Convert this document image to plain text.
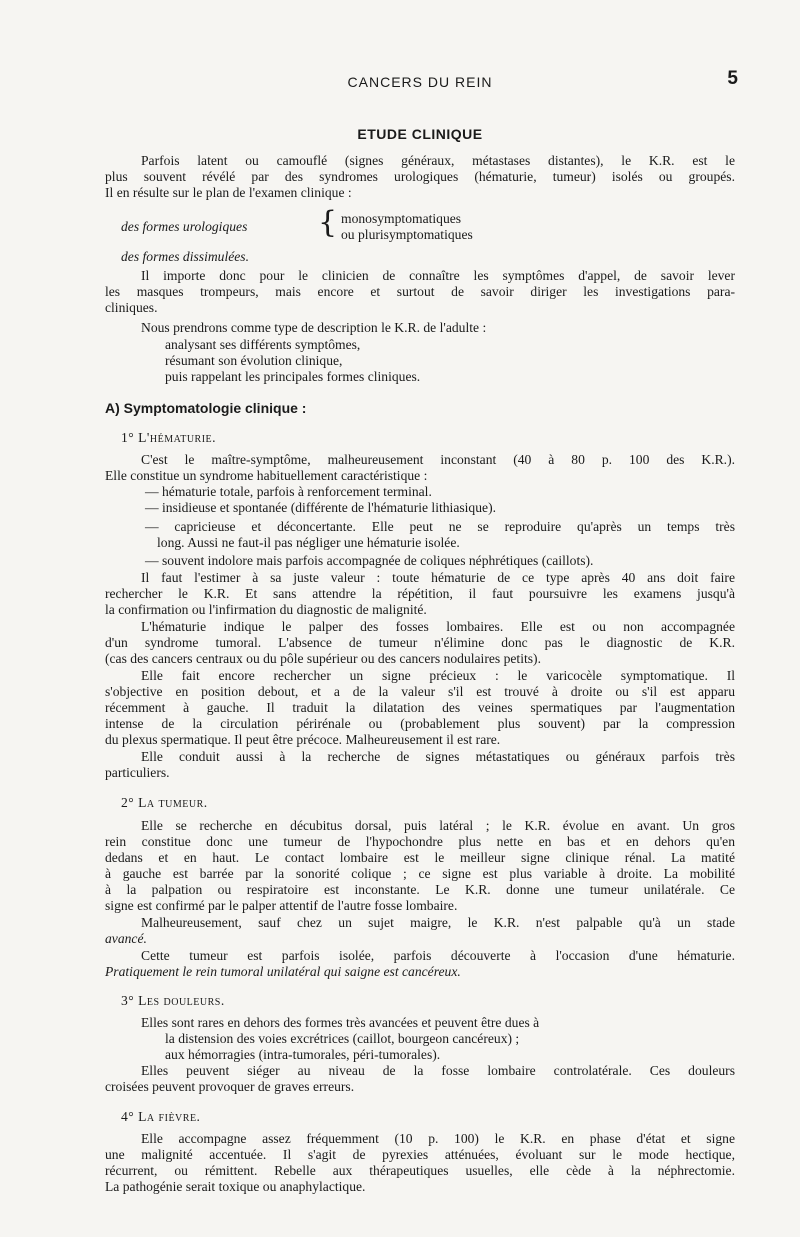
CANCERS DU REIN	5
ETUDE CLINIQUE
Parfois latent ou camouflé (signes généraux, métastases distantes), le K.R. est le
plus souvent révélé par des syndromes urologiques (hématurie, tumeur) isolés ou groupés.
Il en résulte sur le plan de l'examen clinique :
des formes urologiques	{ monosymptomatiques
ou plurisymptomatiques
des formes dissimulées.
Il importe donc pour le clinicien de connaître les symptômes d'appel, de savoir lever
les masques trompeurs, mais encore et surtout de savoir diriger les investigations para-
cliniques.
Nous prendrons comme type de description le K.R. de l'adulte :
analysant ses différents symptômes,
résumant son évolution clinique,
puis rappelant les principales formes cliniques.
A) Symptomatologie clinique :
1° L'hématurie.
C'est le maître-symptôme, malheureusement inconstant (40 à 80 p. 100 des K.R.).
Elle constitue un syndrome habituellement caractéristique :
— hématurie totale, parfois à renforcement terminal.
— insidieuse et spontanée (différente de l'hématurie lithiasique).
— capricieuse et déconcertante. Elle peut ne se reproduire qu'après un temps très
long. Aussi ne faut-il pas négliger une hématurie isolée.
— souvent indolore mais parfois accompagnée de coliques néphrétiques (caillots).
Il faut l'estimer à sa juste valeur : toute hématurie de ce type après 40 ans doit faire
rechercher le K.R. Et sans attendre la répétition, il faut poursuivre les examens jusqu'à
la confirmation ou l'infirmation du diagnostic de malignité.
L'hématurie indique le palper des fosses lombaires. Elle est ou non accompagnée
d'un syndrome tumoral. L'absence de tumeur n'élimine donc pas le diagnostic de K.R.
(cas des cancers centraux ou du pôle supérieur ou des cancers nodulaires petits).
Elle fait encore rechercher un signe précieux : le varicocèle symptomatique. Il
s'objective en position debout, et a de la valeur s'il est trouvé à droite ou s'il est apparu
récemment à gauche. Il traduit la dilatation des veines spermatiques par l'augmentation
intense de la circulation périrénale ou (probablement plus souvent) par la compression
du plexus spermatique. Il peut être précoce. Malheureusement il est rare.
Elle conduit aussi à la recherche de signes métastatiques ou généraux parfois très
particuliers.
2° La tumeur.
Elle se recherche en décubitus dorsal, puis latéral ; le K.R. évolue en avant. Un gros
rein constitue donc une tumeur de l'hypochondre plus nette en bas et en dehors qu'en
dedans et en haut. Le contact lombaire est le meilleur signe clinique rénal. La matité
à gauche est barrée par la sonorité colique ; ce signe est plus variable à droite. La mobilité
à la palpation ou respiratoire est inconstante. Le K.R. donne une tumeur unilatérale. Ce
signe est confirmé par le palper attentif de l'autre fosse lombaire.
Malheureusement, sauf chez un sujet maigre, le K.R. n'est palpable qu'à un stade
avancé.
Cette tumeur est parfois isolée, parfois découverte à l'occasion d'une hématurie.
Pratiquement le rein tumoral unilatéral qui saigne est cancéreux.
3° Les douleurs.
Elles sont rares en dehors des formes très avancées et peuvent être dues à
la distension des voies excrétrices (caillot, bourgeon cancéreux) ;
aux hémorragies (intra-tumorales, péri-tumorales).
Elles peuvent siéger au niveau de la fosse lombaire controlatérale. Ces douleurs
croisées peuvent provoquer de graves erreurs.
4° La fièvre.
Elle accompagne assez fréquemment (10 p. 100) le K.R. en phase d'état et signe
une malignité accentuée. Il s'agit de pyrexies atténuées, évoluant sur le mode hectique,
récurrent, ou rémittent. Rebelle aux thérapeutiques usuelles, elle cède à la néphrectomie.
La pathogénie serait toxique ou anaphylactique.
